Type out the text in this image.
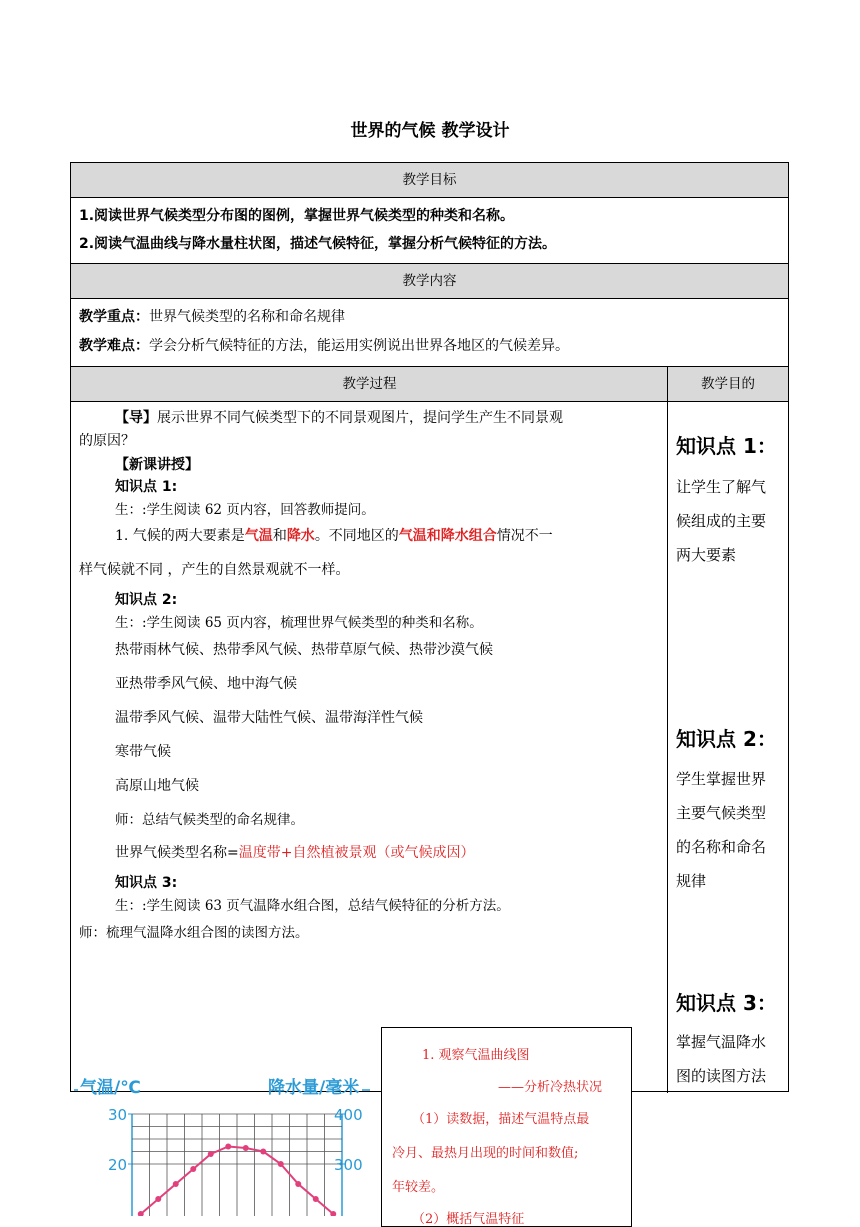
世界的气候 教学设计
教学目标
1.阅读世界气候类型分布图的图例，掌握世界气候类型的种类和名称。
2.阅读气温曲线与降水量柱状图，描述气候特征，掌握分析气候特征的方法。
教学内容
教学重点：世界气候类型的名称和命名规律
教学难点：学会分析气候特征的方法，能运用实例说出世界各地区的气候差异。
教学过程	教学目的
【导】展示世界不同气候类型下的不同景观图片，提问学生产生不同景观
的原因？
【新课讲授】
知识点 1:
生：:学生阅读 62 页内容，回答教师提问。
1. 气候的两大要素是气温和降水。不同地区的气温和降水组合情况不一
样气候就不同 ，产生的自然景观就不一样。
知识点 2:
生：:学生阅读 65 页内容，梳理世界气候类型的种类和名称。
热带雨林气候、热带季风气候、热带草原气候、热带沙漠气候
亚热带季风气候、地中海气候
温带季风气候、温带大陆性气候、温带海洋性气候
寒带气候
高原山地气候
师：总结气候类型的命名规律。
世界气候类型名称=温度带+自然植被景观（或气候成因）
知识点 3:
生：:学生阅读 63 页气温降水组合图，总结气候特征的分析方法。
师：梳理气温降水组合图的读图方法。
知识点 1：
让学生了解气
候组成的主要
两大要素
知识点 2：
学生掌握世界
主要气候类型
的名称和命名
规律
知识点 3：
掌握气温降水
图的读图方法
气温/℃	降水量/毫米
30
20
400
300
1. 观察气温曲线图
——分析冷热状况
（1）读数据，描述气温特点最
冷月、最热月出现的时间和数值;
年较差。
（2）概括气温特征
